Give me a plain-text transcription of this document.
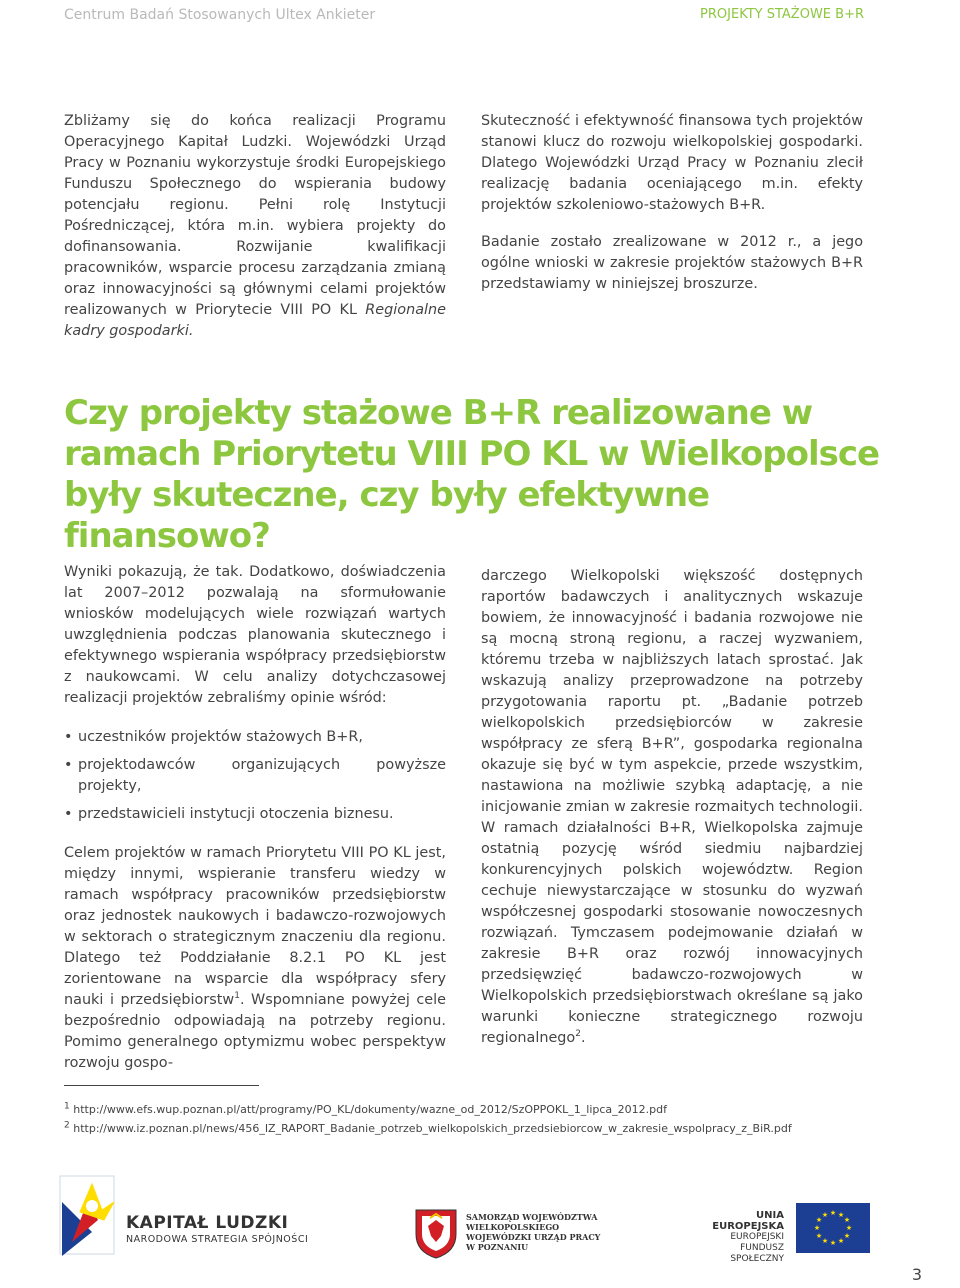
Centrum Badań Stosowanych Ultex Ankieter	PROJEKTY STAŻOWE B+R

Zbliżamy się do końca realizacji Programu Operacyjnego Kapitał Ludzki. Wojewódzki Urząd Pracy w Poznaniu wykorzystuje środki Europejskiego Funduszu Społecznego do wspierania budowy potencjału regionu. Pełni rolę Instytucji Pośredniczącej, która m.in. wybiera projekty do dofinansowania. Rozwijanie kwalifikacji pracowników, wsparcie procesu zarządzania zmianą oraz innowacyjności są głównymi celami projektów realizowanych w Priorytecie VIII PO KL Regionalne kadry gospodarki.

Skuteczność i efektywność finansowa tych projektów stanowi klucz do rozwoju wielkopolskiej gospodarki. Dlatego Wojewódzki Urząd Pracy w Poznaniu zlecił realizację badania oceniającego m.in. efekty projektów szkoleniowo-stażowych B+R.

Badanie zostało zrealizowane w 2012 r., a jego ogólne wnioski w zakresie projektów stażowych B+R przedstawiamy w niniejszej broszurze.

Czy projekty stażowe B+R realizowane w ramach Priorytetu VIII PO KL w Wielkopolsce były skuteczne, czy były efektywne finansowo?

Wyniki pokazują, że tak. Dodatkowo, doświadczenia lat 2007–2012 pozwalają na sformułowanie wniosków modelujących wiele rozwiązań wartych uwzględnienia podczas planowania skutecznego i efektywnego wspierania współpracy przedsiębiorstw z naukowcami. W celu analizy dotychczasowej realizacji projektów zebraliśmy opinie wśród:

• uczestników projektów stażowych B+R,
• projektodawców organizujących powyższe projekty,
• przedstawicieli instytucji otoczenia biznesu.

Celem projektów w ramach Priorytetu VIII PO KL jest, między innymi, wspieranie transferu wiedzy w ramach współpracy pracowników przedsiębiorstw oraz jednostek naukowych i badawczo-rozwojowych w sektorach o strategicznym znaczeniu dla regionu. Dlatego też Poddziałanie 8.2.1 PO KL jest zorientowane na wsparcie dla współpracy sfery nauki i przedsiębiorstw$^1$. Wspomniane powyżej cele bezpośrednio odpowiadają na potrzeby regionu. Pomimo generalnego optymizmu wobec perspektyw rozwoju gospo-

darczego Wielkopolski większość dostępnych raportów badawczych i analitycznych wskazuje bowiem, że innowacyjność i badania rozwojowe nie są mocną stroną regionu, a raczej wyzwaniem, któremu trzeba w najbliższych latach sprostać. Jak wskazują analizy przeprowadzone na potrzeby przygotowania raportu pt. „Badanie potrzeb wielkopolskich przedsiębiorców w zakresie współpracy ze sferą B+R”, gospodarka regionalna okazuje się być w tym aspekcie, przede wszystkim, nastawiona na możliwie szybką adaptację, a nie inicjowanie zmian w zakresie rozmaitych technologii. W ramach działalności B+R, Wielkopolska zajmuje ostatnią pozycję wśród siedmiu najbardziej konkurencyjnych polskich województw. Region cechuje niewystarczające w stosunku do wyzwań współczesnej gospodarki stosowanie nowoczesnych rozwiązań. Tymczasem podejmowanie działań w zakresie B+R oraz rozwój innowacyjnych przedsięwzięć badawczo-rozwojowych w Wielkopolskich przedsiębiorstwach określane są jako warunki konieczne strategicznego rozwoju regionalnego$^2$.

$^1$ http://www.efs.wup.poznan.pl/att/programy/PO_KL/dokumenty/wazne_od_2012/SzOPPOKL_1_lipca_2012.pdf
$^2$ http://www.iz.poznan.pl/news/456_IZ_RAPORT_Badanie_potrzeb_wielkopolskich_przedsiebiorcow_w_zakresie_wspolpracy_z_BiR.pdf
KAPITAŁ LUDZKI
NARODOWA STRATEGIA SPÓJNOŚCI
SAMORZĄD WOJEWÓDZTWA
WIELKOPOLSKIEGO
WOJEWÓDZKI URZĄD PRACY
W POZNANIU
UNIA EUROPEJSKA
EUROPEJSKI
FUNDUSZ SPOŁECZNY
★ ★
★
★
★
★
★
★
★
★
★
★
3
